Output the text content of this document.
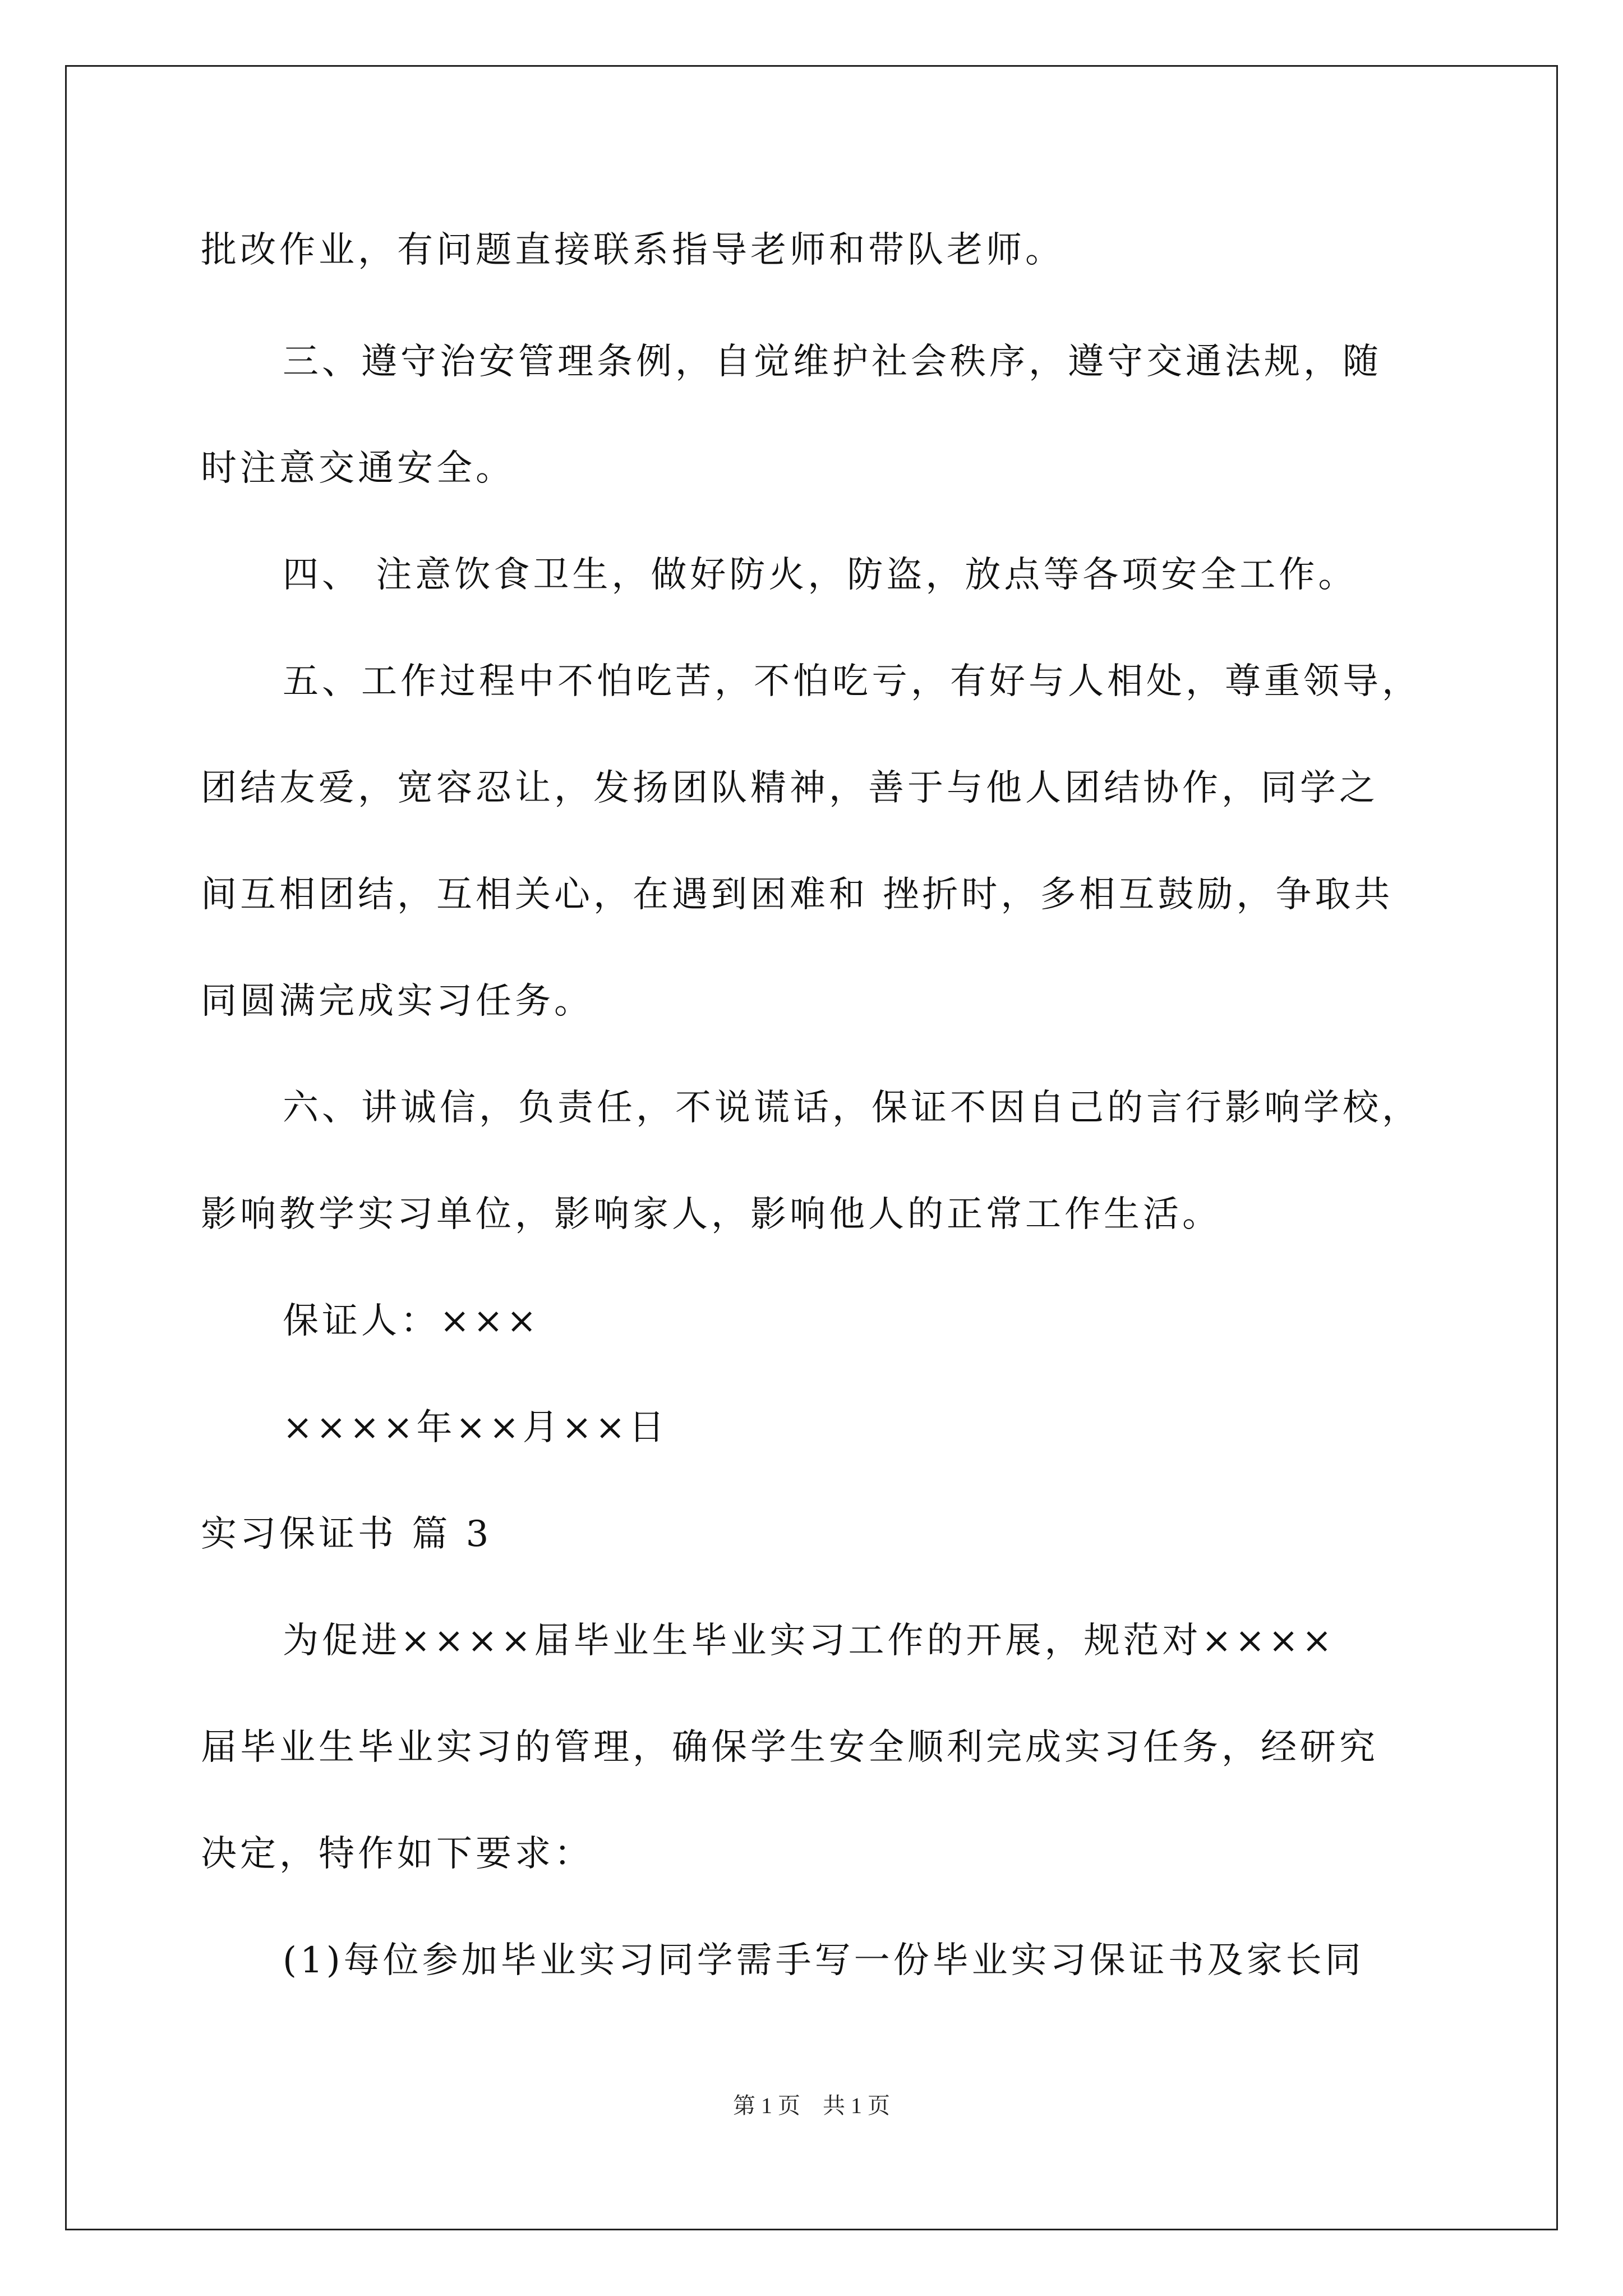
批改作业，有问题直接联系指导老师和带队老师。
三、遵守治安管理条例，自觉维护社会秩序，遵守交通法规，随
时注意交通安全。
四、 注意饮食卫生，做好防火，防盗，放点等各项安全工作。
五、工作过程中不怕吃苦，不怕吃亏，有好与人相处，尊重领导，
团结友爱，宽容忍让，发扬团队精神，善于与他人团结协作，同学之
间互相团结，互相关心，在遇到困难和 挫折时，多相互鼓励，争取共
同圆满完成实习任务。
六、讲诚信，负责任，不说谎话，保证不因自己的言行影响学校，
影响教学实习单位，影响家人，影响他人的正常工作生活。
保证人：×××
××××年××月××日
实习保证书 篇 3
为促进××××届毕业生毕业实习工作的开展，规范对××××
届毕业生毕业实习的管理，确保学生安全顺利完成实习任务，经研究
决定，特作如下要求：
(1)每位参加毕业实习同学需手写一份毕业实习保证书及家长同
第 1 页　共 1 页
